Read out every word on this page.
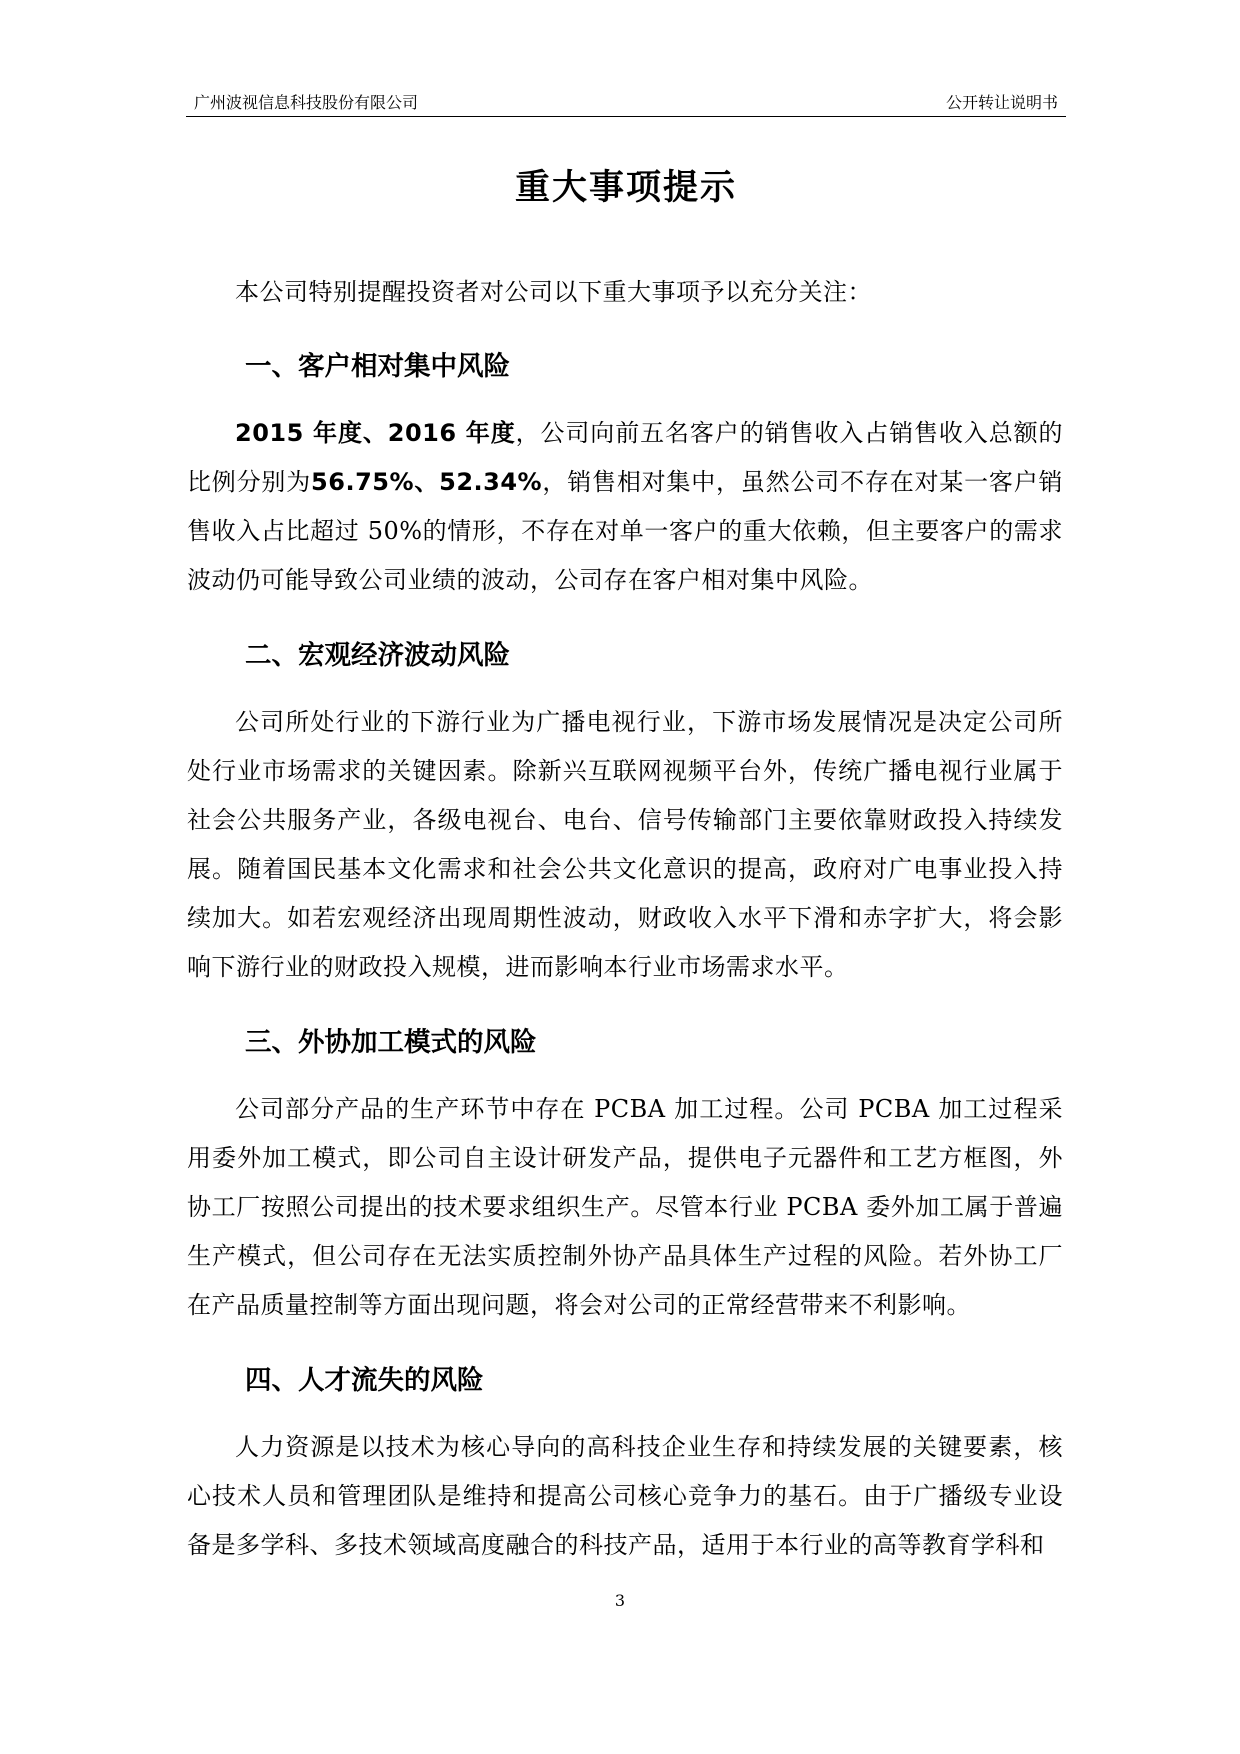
广州波视信息科技股份有限公司	公开转让说明书
重大事项提示

本公司特别提醒投资者对公司以下重大事项予以充分关注：

一、客户相对集中风险

2015 年度、2016 年度，公司向前五名客户的销售收入占销售收入总额的比例分别为56.75%、52.34%，销售相对集中，虽然公司不存在对某一客户销售收入占比超过 50%的情形，不存在对单一客户的重大依赖，但主要客户的需求波动仍可能导致公司业绩的波动，公司存在客户相对集中风险。

二、宏观经济波动风险

公司所处行业的下游行业为广播电视行业，下游市场发展情况是决定公司所处行业市场需求的关键因素。除新兴互联网视频平台外，传统广播电视行业属于社会公共服务产业，各级电视台、电台、信号传输部门主要依靠财政投入持续发展。随着国民基本文化需求和社会公共文化意识的提高，政府对广电事业投入持续加大。如若宏观经济出现周期性波动，财政收入水平下滑和赤字扩大，将会影响下游行业的财政投入规模，进而影响本行业市场需求水平。

三、外协加工模式的风险

公司部分产品的生产环节中存在 PCBA 加工过程。公司 PCBA 加工过程采用委外加工模式，即公司自主设计研发产品，提供电子元器件和工艺方框图，外协工厂按照公司提出的技术要求组织生产。尽管本行业 PCBA 委外加工属于普遍生产模式，但公司存在无法实质控制外协产品具体生产过程的风险。若外协工厂在产品质量控制等方面出现问题，将会对公司的正常经营带来不利影响。

四、人才流失的风险

人力资源是以技术为核心导向的高科技企业生存和持续发展的关键要素，核心技术人员和管理团队是维持和提高公司核心竞争力的基石。由于广播级专业设备是多学科、多技术领域高度融合的科技产品，适用于本行业的高等教育学科和

3
